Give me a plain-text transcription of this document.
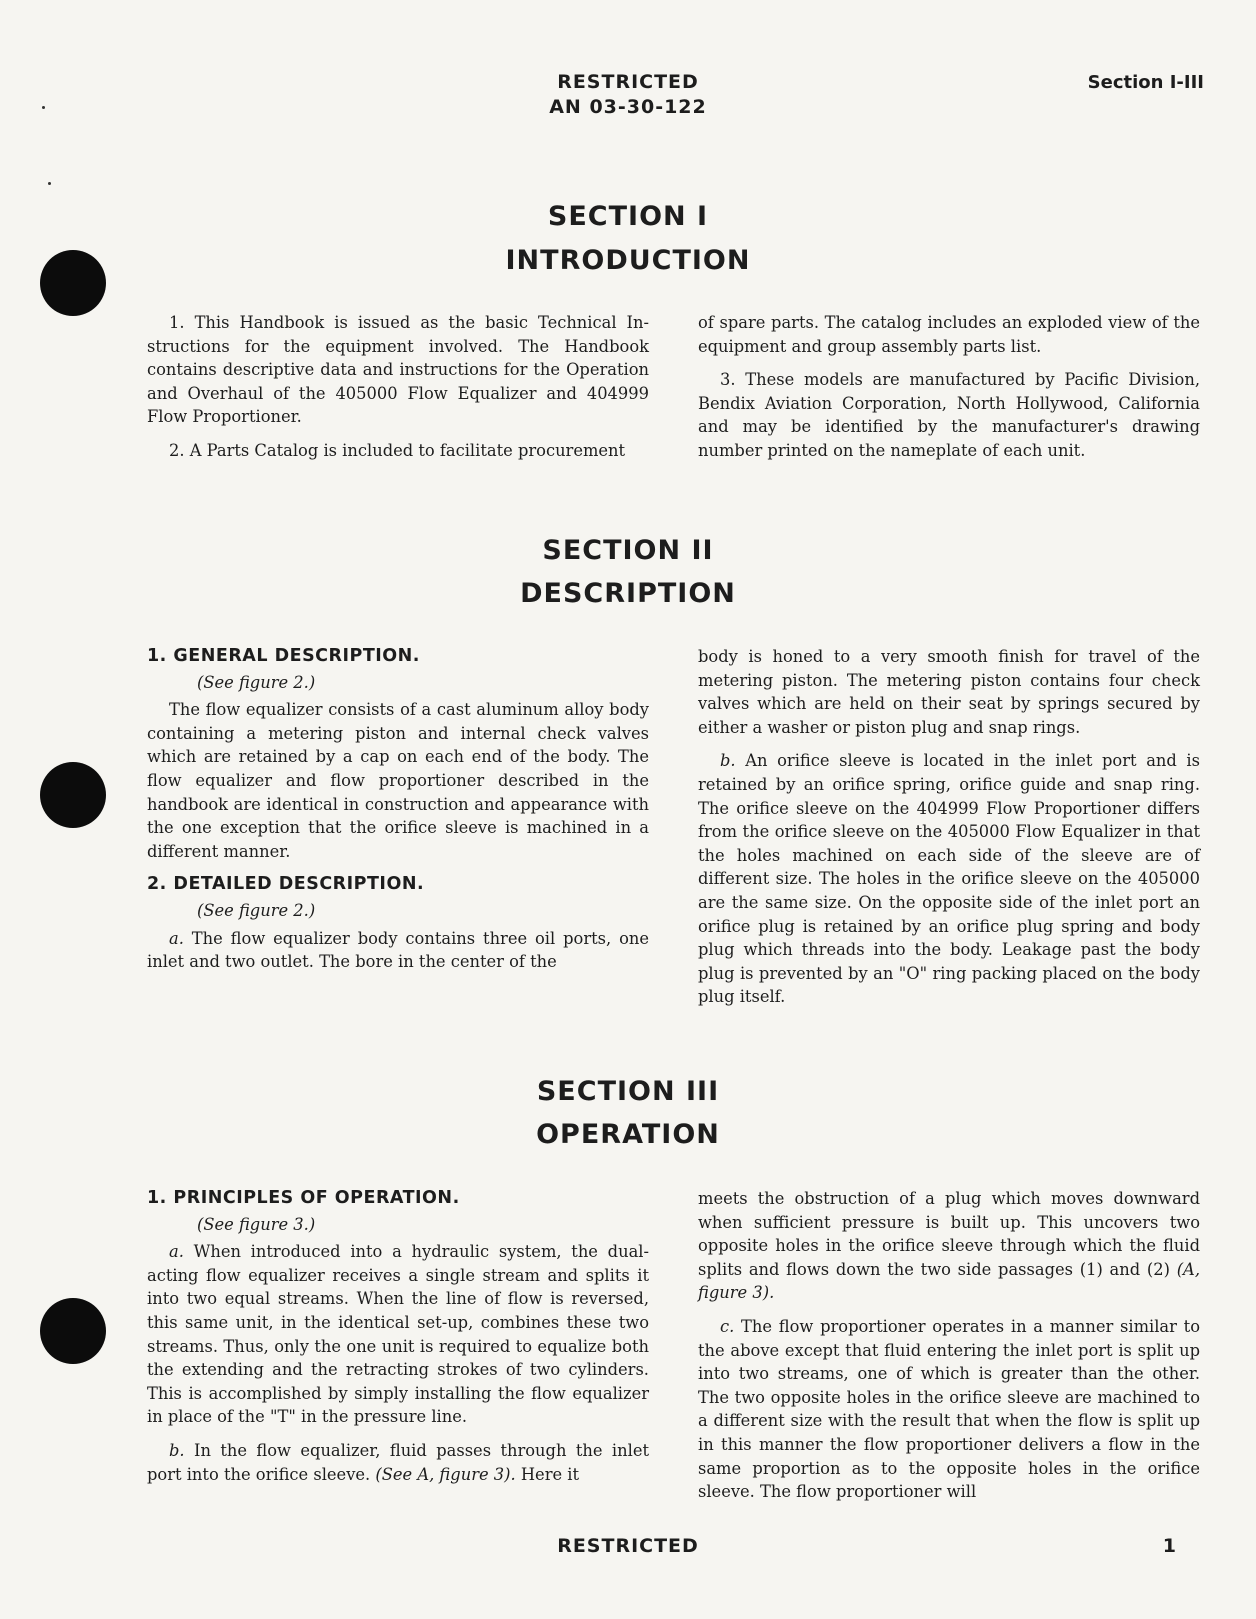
RESTRICTED
AN 03-30-122
Section I-III
SECTION I
INTRODUCTION

1. This Handbook is issued as the basic Technical Instructions for the equipment involved. The Handbook contains descriptive data and instructions for the Operation and Overhaul of the 405000 Flow Equalizer and 404999 Flow Proportioner.

2. A Parts Catalog is included to facilitate procurement

of spare parts. The catalog includes an exploded view of the equipment and group assembly parts list.

3. These models are manufactured by Pacific Division, Bendix Aviation Corporation, North Hollywood, California and may be identified by the manufacturer's drawing number printed on the nameplate of each unit.

SECTION II
DESCRIPTION
1. GENERAL DESCRIPTION.

(See figure 2.)

The flow equalizer consists of a cast aluminum alloy body containing a metering piston and internal check valves which are retained by a cap on each end of the body. The flow equalizer and flow proportioner described in the handbook are identical in construction and appearance with the one exception that the orifice sleeve is machined in a different manner.

2. DETAILED DESCRIPTION.

(See figure 2.)

a. The flow equalizer body contains three oil ports, one inlet and two outlet. The bore in the center of the

body is honed to a very smooth finish for travel of the metering piston. The metering piston contains four check valves which are held on their seat by springs secured by either a washer or piston plug and snap rings.

b. An orifice sleeve is located in the inlet port and is retained by an orifice spring, orifice guide and snap ring. The orifice sleeve on the 404999 Flow Proportioner differs from the orifice sleeve on the 405000 Flow Equalizer in that the holes machined on each side of the sleeve are of different size. The holes in the orifice sleeve on the 405000 are the same size. On the opposite side of the inlet port an orifice plug is retained by an orifice plug spring and body plug which threads into the body. Leakage past the body plug is prevented by an "O" ring packing placed on the body plug itself.

SECTION III
OPERATION
1. PRINCIPLES OF OPERATION.

(See figure 3.)

a. When introduced into a hydraulic system, the dual-acting flow equalizer receives a single stream and splits it into two equal streams. When the line of flow is reversed, this same unit, in the identical set-up, combines these two streams. Thus, only the one unit is required to equalize both the extending and the retracting strokes of two cylinders. This is accomplished by simply installing the flow equalizer in place of the "T" in the pressure line.

b. In the flow equalizer, fluid passes through the inlet port into the orifice sleeve. (See A, figure 3). Here it

meets the obstruction of a plug which moves downward when sufficient pressure is built up. This uncovers two opposite holes in the orifice sleeve through which the fluid splits and flows down the two side passages (1) and (2) (A, figure 3).

c. The flow proportioner operates in a manner similar to the above except that fluid entering the inlet port is split up into two streams, one of which is greater than the other. The two opposite holes in the orifice sleeve are machined to a different size with the result that when the flow is split up in this manner the flow proportioner delivers a flow in the same proportion as to the opposite holes in the orifice sleeve. The flow proportioner will

RESTRICTED	1
